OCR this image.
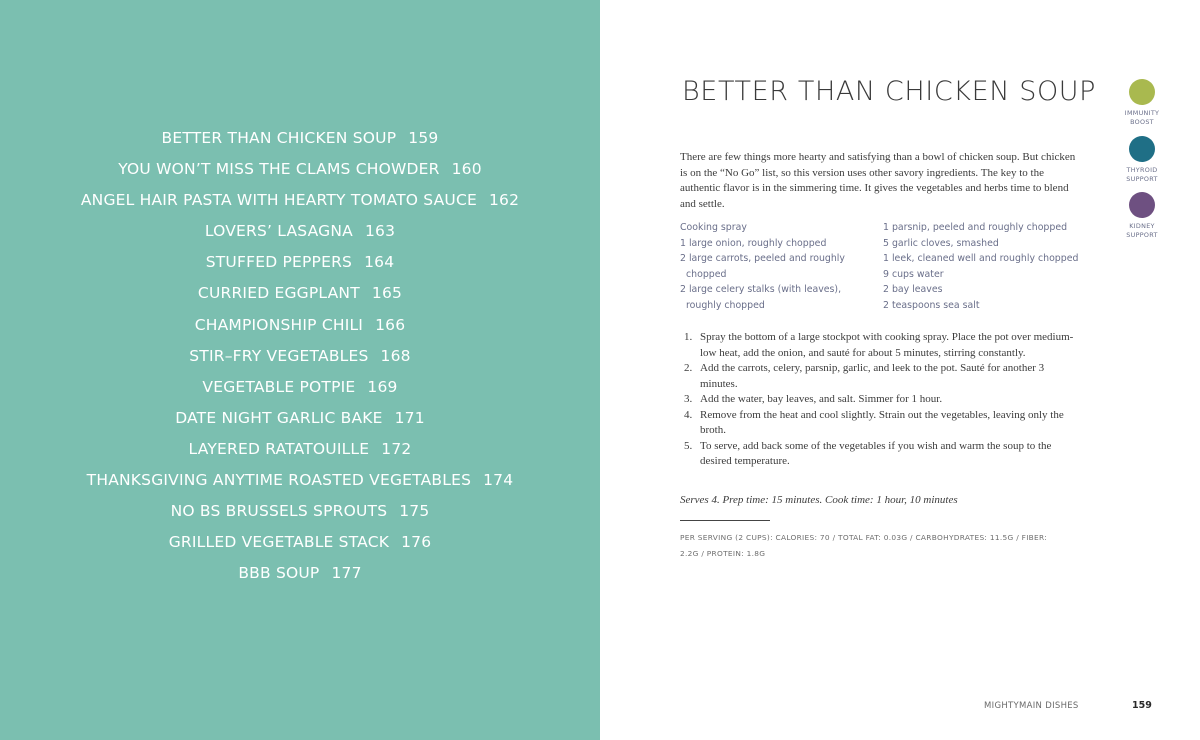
BETTER THAN CHICKEN SOUP 159
YOU WON’T MISS THE CLAMS CHOWDER 160
ANGEL HAIR PASTA WITH HEARTY TOMATO SAUCE 162
LOVERS’ LASAGNA 163
STUFFED PEPPERS 164
CURRIED EGGPLANT 165
CHAMPIONSHIP CHILI 166
STIR–FRY VEGETABLES 168
VEGETABLE POTPIE 169
DATE NIGHT GARLIC BAKE 171
LAYERED RATATOUILLE 172
THANKSGIVING ANYTIME ROASTED VEGETABLES 174
NO BS BRUSSELS SPROUTS 175
GRILLED VEGETABLE STACK 176
BBB SOUP 177
BETTER THAN CHICKEN SOUP

There are few things more hearty and satisfying than a bowl of chicken soup. But chicken is on the “No Go” list, so this version uses other savory ingredients. The key to the authentic flavor is in the simmering time. It gives the vegetables and herbs time to blend and settle.

Cooking spray
1 large onion, roughly chopped
2 large carrots, peeled and roughly chopped
2 large celery stalks (with leaves), roughly chopped
1 parsnip, peeled and roughly chopped
5 garlic cloves, smashed
1 leek, cleaned well and roughly chopped
9 cups water
2 bay leaves
2 teaspoons sea salt
1. Spray the bottom of a large stockpot with cooking spray. Place the pot over medium-low heat, add the onion, and sauté for about 5 minutes, stirring constantly.
2. Add the carrots, celery, parsnip, garlic, and leek to the pot. Sauté for another 3 minutes.
3. Add the water, bay leaves, and salt. Simmer for 1 hour.
4. Remove from the heat and cool slightly. Strain out the vegetables, leaving only the broth.
5. To serve, add back some of the vegetables if you wish and warm the soup to the desired temperature.

Serves 4. Prep time: 15 minutes. Cook time: 1 hour, 10 minutes

PER SERVING (2 CUPS): CALORIES: 70 / TOTAL FAT: 0.03G / CARBOHYDRATES: 11.5G / FIBER: 2.2G / PROTEIN: 1.8G

IMMUNITY BOOST
THYROID SUPPORT
KIDNEY SUPPORT
MIGHTYMAIN DISHES	159
